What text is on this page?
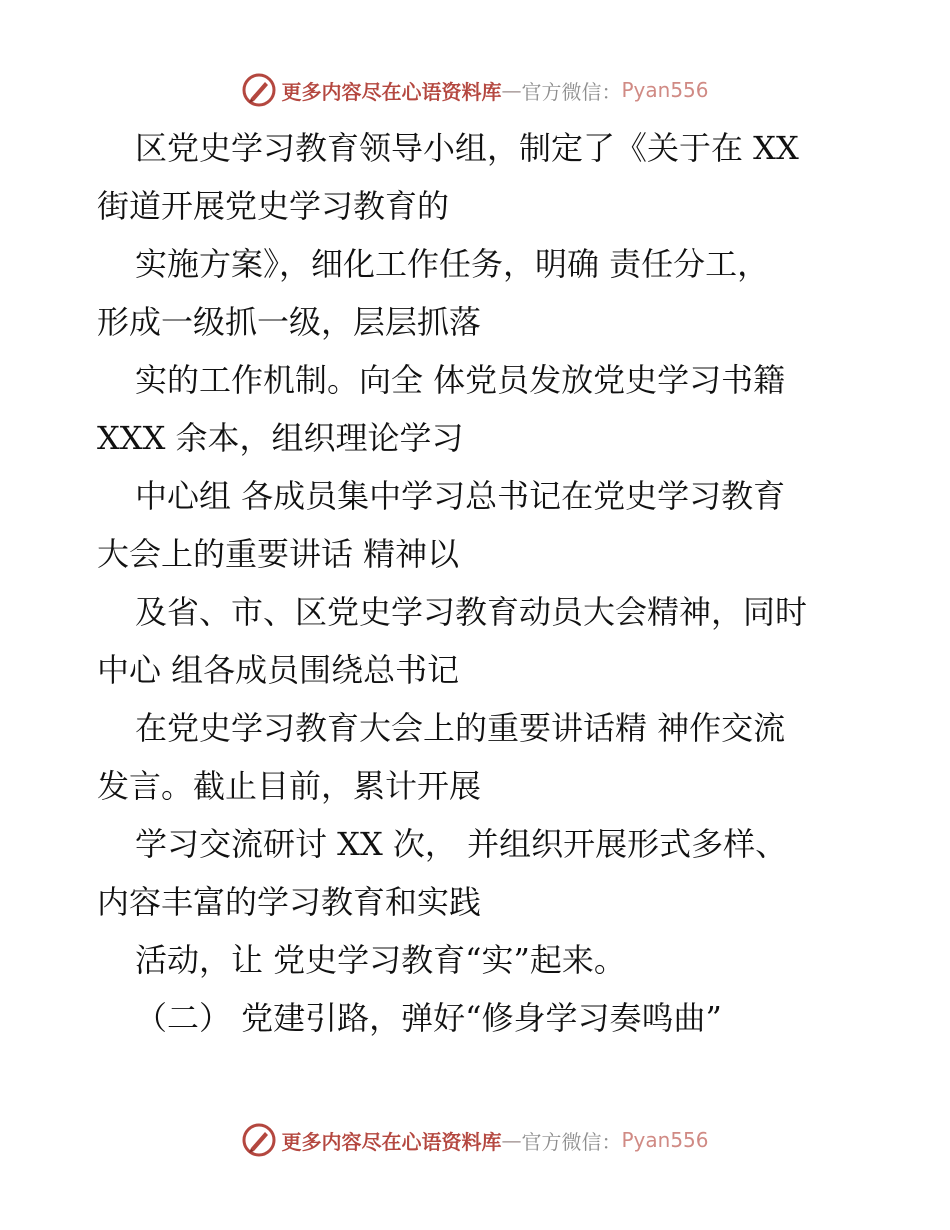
更多内容尽在心语资料库 — 官方微信： Pyan556
区党史学习教育领导小组，制定了《关于在 XX
街道开展党史学习教育的
实施方案》，细化工作任务，明确 责任分工，
形成一级抓一级，层层抓落
实的工作机制。向全 体党员发放党史学习书籍
XXX 余本，组织理论学习
中心组 各成员集中学习总书记在党史学习教育
大会上的重要讲话 精神以
及省、市、区党史学习教育动员大会精神，同时
中心 组各成员围绕总书记
在党史学习教育大会上的重要讲话精 神作交流
发言。截止目前，累计开展
学习交流研讨 XX 次， 并组织开展形式多样、
内容丰富的学习教育和实践
活动，让 党史学习教育“实”起来。
（二） 党建引路，弹好“修身学习奏鸣曲”
更多内容尽在心语资料库 — 官方微信： Pyan556
